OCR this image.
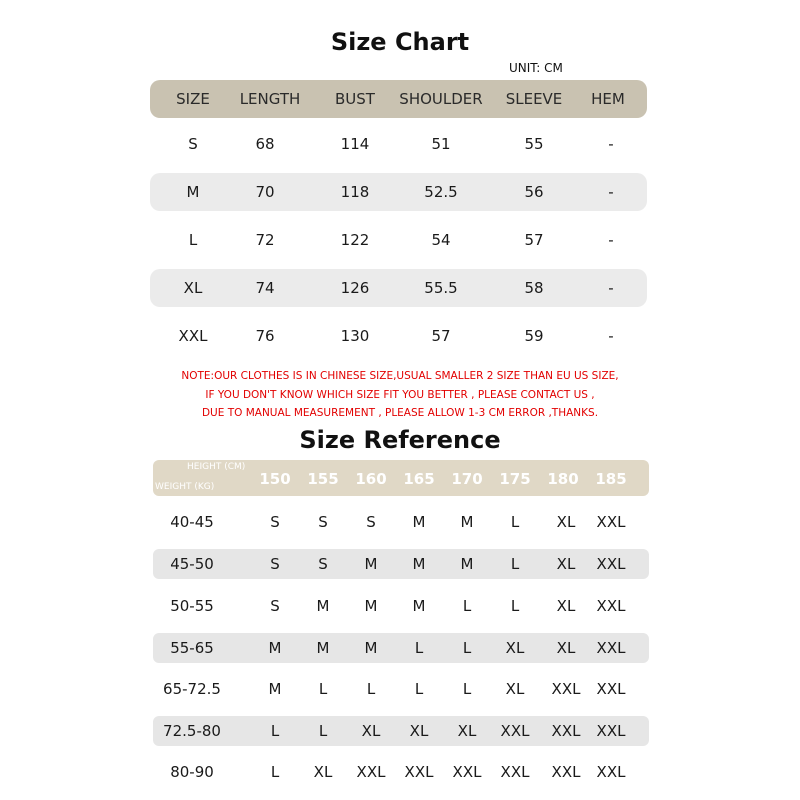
Size Chart
UNIT: CM
SIZE LENGTH BUST SHOULDER SLEEVE HEM
S	68	114	51	55	-
M	70	118	52.5	56	-
L	72	122	54	57	-
XL	74	126	55.5	58	-
XXL	76	130	57	59	-
NOTE:OUR CLOTHES IS IN CHINESE SIZE,USUAL SMALLER 2 SIZE THAN EU US SIZE,
IF YOU DON'T KNOW WHICH SIZE FIT YOU BETTER , PLEASE CONTACT US ,
DUE TO MANUAL MEASUREMENT , PLEASE ALLOW 1-3 CM ERROR ,THANKS.
Size Reference
HEIGHT (CM)
WEIGHT (KG)	150 155 160 165 170 175 180 185
40-45	S	S	S M M L	XL XXL
45-50	S	S M M M L	XL XXL
50-55	S M M M L	L	XL XXL
55-65	M M M L	L XL XL XXL
65-72.5	M L	L	L	L XL XXL XXL
72.5-80	L	L XL XL XL XXL XXL XXL
80-90	L XL XXL XXL XXL XXL XXL XXL
